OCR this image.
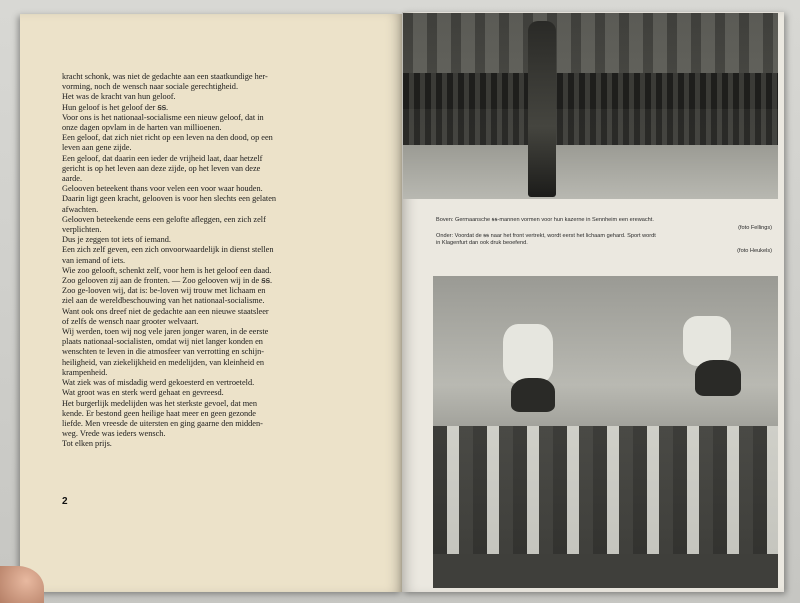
kracht schonk, was niet de gedachte aan een staatkundige her-
vorming, noch de wensch naar sociale gerechtigheid.
Het was de kracht van hun geloof.
Hun geloof is het geloof der ꞩꞩ.
Voor ons is het nationaal-socialisme een nieuw geloof, dat in
onze dagen opvlam in de harten van millioenen.
Een geloof, dat zich niet richt op een leven na den dood, op een
leven aan gene zijde.
Een geloof, dat daarin een ieder de vrijheid laat, daar hetzelf
gericht is op het leven aan deze zijde, op het leven van deze
aarde.
Gelooven beteekent thans voor velen een voor waar houden.
Daarin ligt geen kracht, gelooven is voor hen slechts een gelaten
afwachten.
Gelooven beteekende eens een gelofte afleggen, een zich zelf
verplichten.
Dus je zeggen tot iets of iemand.
Een zich zelf geven, een zich onvoorwaardelijk in dienst stellen
van iemand of iets.
Wie zoo gelooft, schenkt zelf, voor hem is het geloof een daad.
Zoo gelooven zij aan de fronten. — Zoo gelooven wij in de ꞩꞩ.
Zoo ge-looven wij, dat is: be-loven wij trouw met lichaam en
ziel aan de wereldbeschouwing van het nationaal-socialisme.
Want ook ons dreef niet de gedachte aan een nieuwe staatsleer
of zelfs de wensch naar grooter welvaart.
Wij werden, toen wij nog vele jaren jonger waren, in de eerste
plaats nationaal-socialisten, omdat wij niet langer konden en
wenschten te leven in die atmosfeer van verrotting en schijn-
heiligheid, van ziekelijkheid en medelijden, van kleinheid en
krampenheid.
Wat ziek was of misdadig werd gekoesterd en vertroeteld.
Wat groot was en sterk werd gehaat en gevreesd.
Het burgerlijk medelijden was het sterkste gevoel, dat men
kende. Er bestond geen heilige haat meer en geen gezonde
liefde. Men vreesde de uitersten en ging gaarne den midden-
weg. Vrede was ieders wensch.
Tot elken prijs.
2
Boven: Germaansche ꞩꞩ-mannen vormen voor hun kazerne in Sennheim een erewacht.
(foto Fellings)
Onder: Voordat de ꞩꞩ naar het front vertrekt, wordt eerst het lichaam gehard. Sport wordt
in Klagenfurt dan ook druk beoefend.
(foto Heukels)
